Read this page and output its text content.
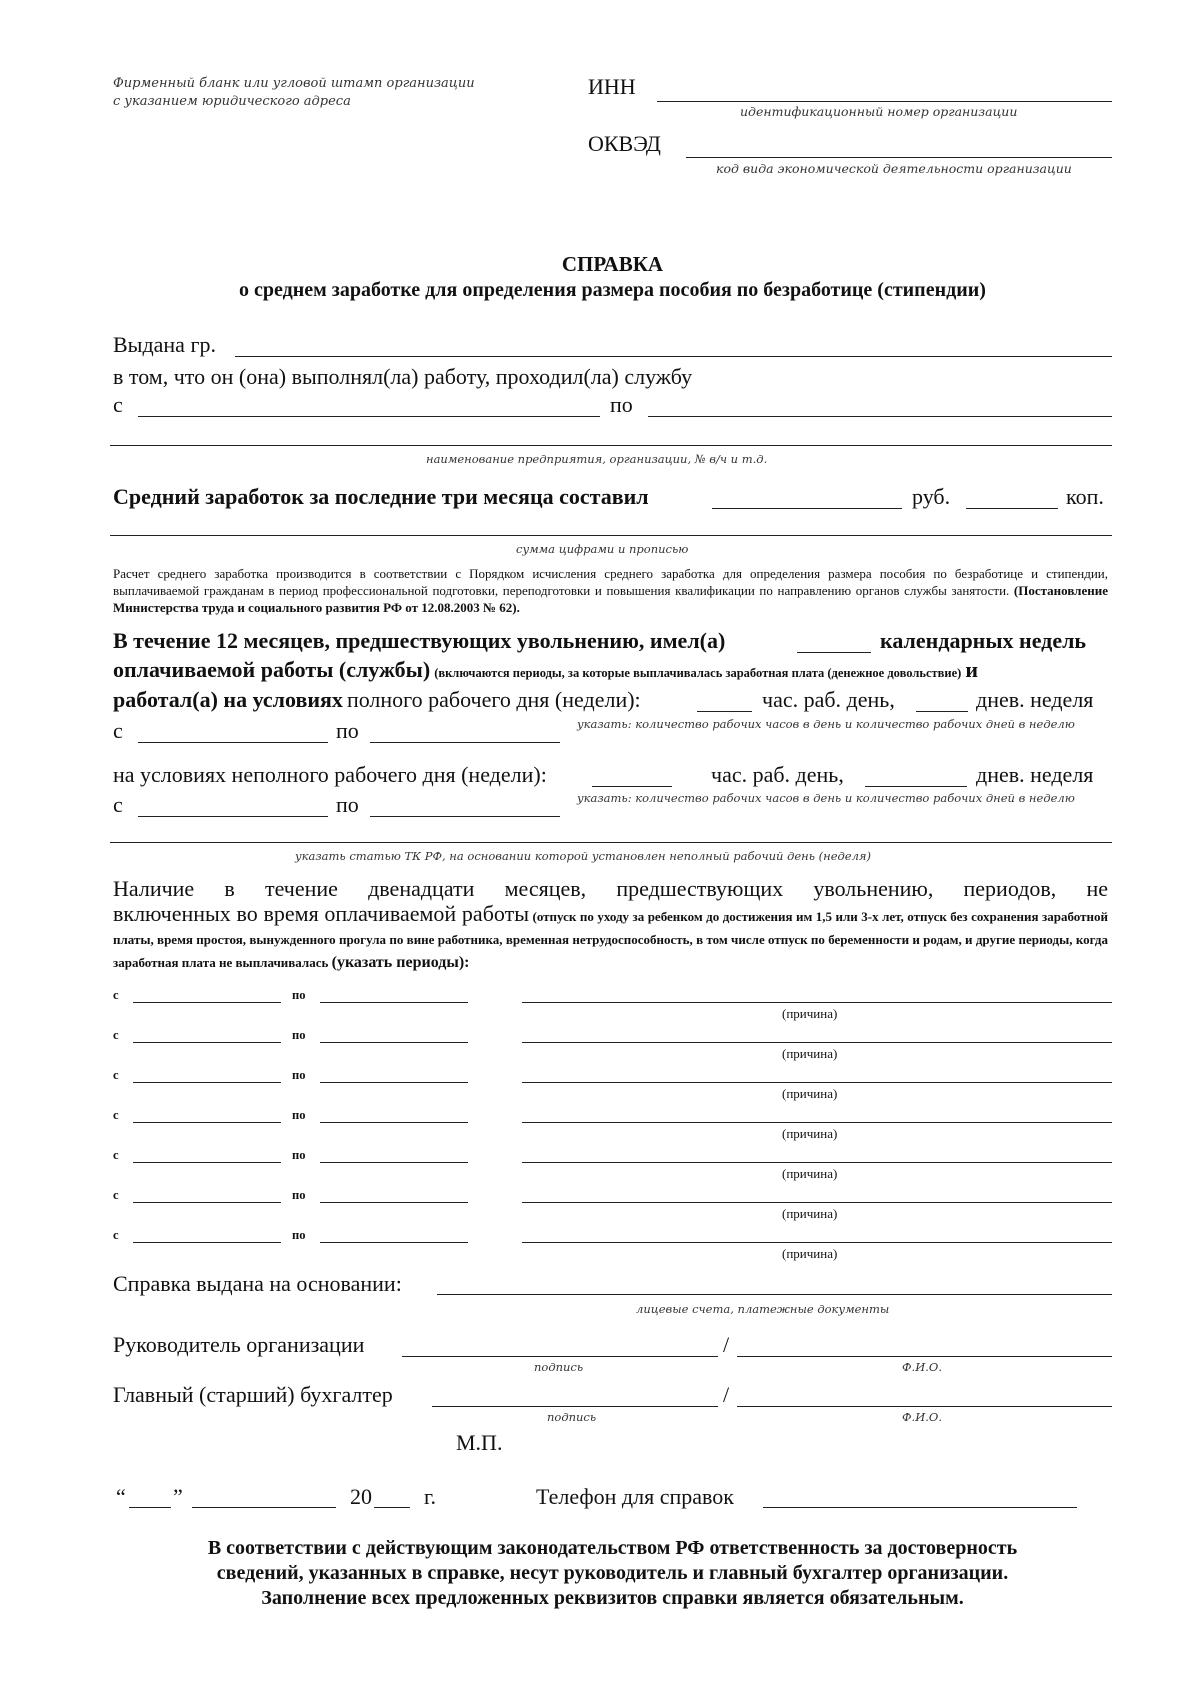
Фирменный бланк или угловой штамп организации
с указанием юридического адреса
ИНН
идентификационный номер организации
ОКВЭД
код вида экономической деятельности организации
СПРАВКА
о среднем заработке для определения размера пособия по безработице (стипендии)
Выдана гр.
в том, что он (она) выполнял(ла) работу, проходил(ла) службу
с	по
наименование предприятия, организации, № в/ч и т.д.
Средний заработок за последние три месяца составил	руб.	коп.
сумма цифрами и прописью
Расчет среднего заработка производится в соответствии с Порядком исчисления среднего заработка для определения размера пособия по безработице и стипендии, выплачиваемой гражданам в период профессиональной подготовки, переподготовки и повышения квалификации по направлению органов службы занятости. (Постановление Министерства труда и социального развития РФ от 12.08.2003 № 62).
В течение 12 месяцев, предшествующих увольнению, имел(а)	календарных недель
оплачиваемой работы (службы) (включаются периоды, за которые выплачивалась заработная плата (денежное довольствие) и
работал(а) на условиях полного рабочего дня (недели):	час. раб. день,	днев. неделя
с	по	указать: количество рабочих часов в день и количество рабочих дней в неделю
на условиях неполного рабочего дня (недели):	час. раб. день,	днев. неделя
с	по	указать: количество рабочих часов в день и количество рабочих дней в неделю
указать статью ТК РФ, на основании которой установлен неполный рабочий день (неделя)
Наличие в течение двенадцати месяцев, предшествующих увольнению, периодов, не
включенных во время оплачиваемой работы (отпуск по уходу за ребенком до достижения им 1,5 или 3-х лет, отпуск без сохранения заработной платы, время простоя, вынужденного прогула по вине работника, временная нетрудоспособность, в том числе отпуск по беременности и родам, и другие периоды, когда заработная плата не выплачивалась (указать периоды):
с	по
(причина)
с	по
(причина)
с	по
(причина)
с	по
(причина)
с	по
(причина)
с	по
(причина)
с	по
(причина)
Справка выдана на основании:
лицевые счета, платежные документы
Руководитель организации	/
подпись	Ф.И.О.
Главный (старший) бухгалтер	/
подпись	Ф.И.О.
М.П.
“ ”	20 г.	Телефон для справок
В соответствии с действующим законодательством РФ ответственность за достоверность
сведений, указанных в справке, несут руководитель и главный бухгалтер организации.
Заполнение всех предложенных реквизитов справки является обязательным.
